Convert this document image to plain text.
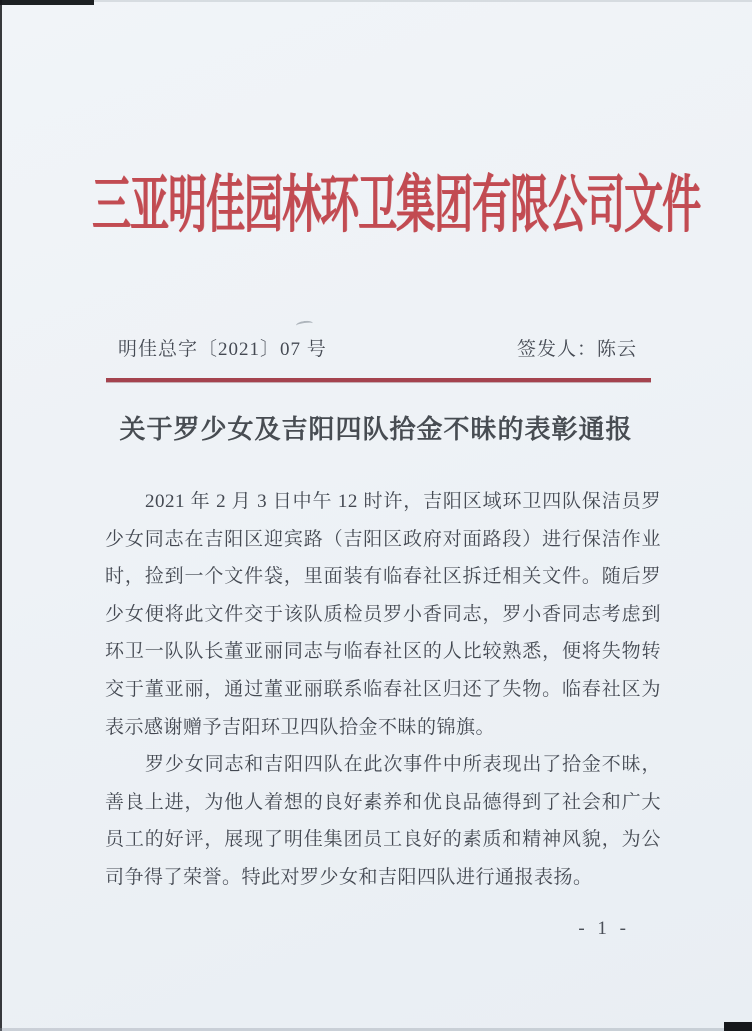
三亚明佳园林环卫集团有限公司文件
明佳总字〔2021〕07 号	签发人：陈云
关于罗少女及吉阳四队拾金不昧的表彰通报

2021 年 2 月 3 日中午 12 时许，吉阳区域环卫四队保洁员罗

少女同志在吉阳区迎宾路（吉阳区政府对面路段）进行保洁作业

时，捡到一个文件袋，里面装有临春社区拆迁相关文件。随后罗

少女便将此文件交于该队质检员罗小香同志，罗小香同志考虑到

环卫一队队长董亚丽同志与临春社区的人比较熟悉，便将失物转

交于董亚丽，通过董亚丽联系临春社区归还了失物。临春社区为

表示感谢赠予吉阳环卫四队拾金不昧的锦旗。

罗少女同志和吉阳四队在此次事件中所表现出了拾金不昧，

善良上进，为他人着想的良好素养和优良品德得到了社会和广大

员工的好评，展现了明佳集团员工良好的素质和精神风貌，为公

司争得了荣誉。特此对罗少女和吉阳四队进行通报表扬。

- 1 -
